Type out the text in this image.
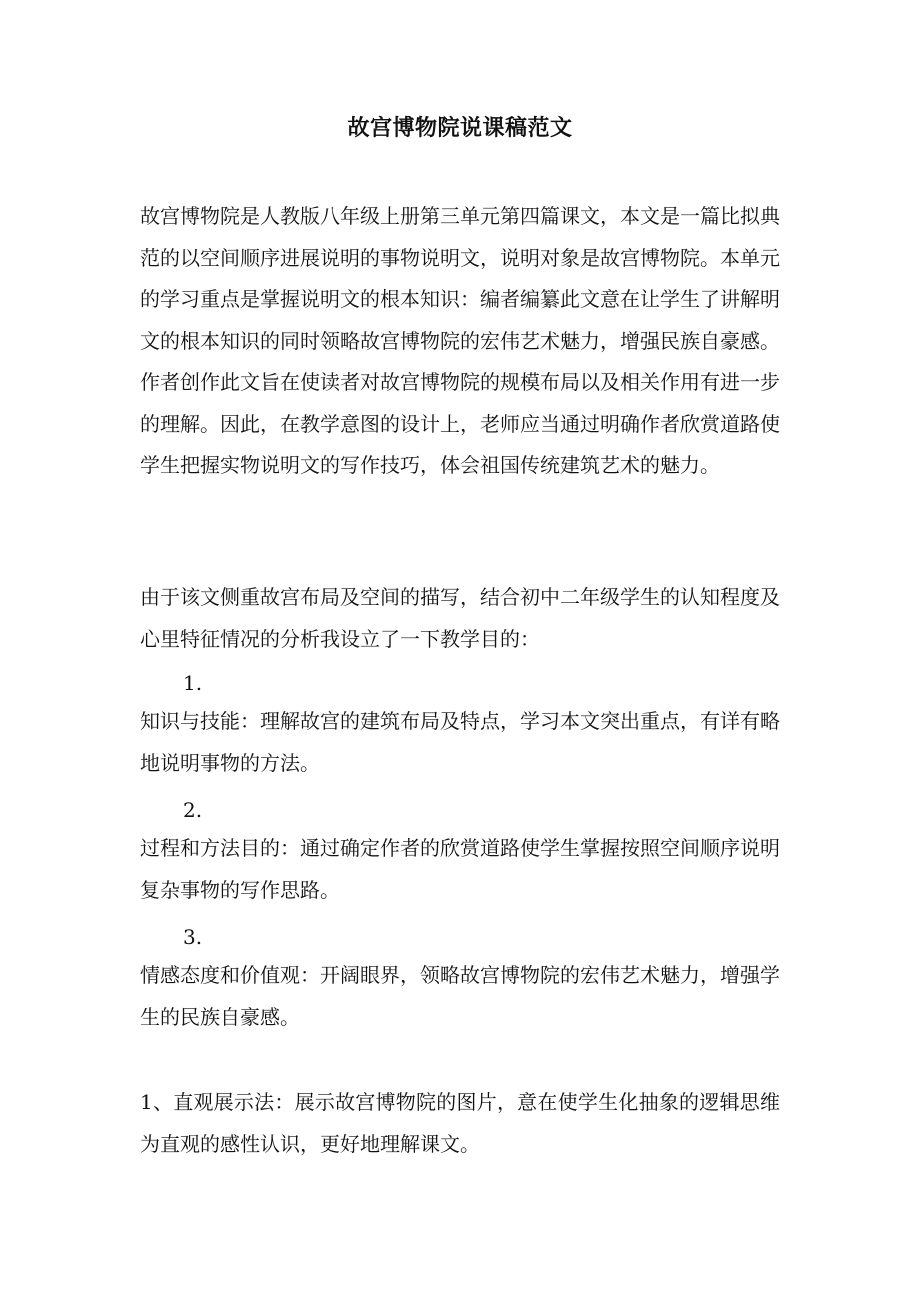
故宫博物院说课稿范文

故宫博物院是人教版八年级上册第三单元第四篇课文，本文是一篇比拟典范的以空间顺序进展说明的事物说明文，说明对象是故宫博物院。本单元的学习重点是掌握说明文的根本知识：编者编纂此文意在让学生了讲解明文的根本知识的同时领略故宫博物院的宏伟艺术魅力，增强民族自豪感。作者创作此文旨在使读者对故宫博物院的规模布局以及相关作用有进一步的理解。因此，在教学意图的设计上，老师应当通过明确作者欣赏道路使学生把握实物说明文的写作技巧，体会祖国传统建筑艺术的魅力。

由于该文侧重故宫布局及空间的描写，结合初中二年级学生的认知程度及心里特征情况的分析我设立了一下教学目的：

1.

知识与技能：理解故宫的建筑布局及特点，学习本文突出重点，有详有略地说明事物的方法。

2.

过程和方法目的：通过确定作者的欣赏道路使学生掌握按照空间顺序说明复杂事物的写作思路。

3.

情感态度和价值观：开阔眼界，领略故宫博物院的宏伟艺术魅力，增强学生的民族自豪感。

1、直观展示法：展示故宫博物院的图片，意在使学生化抽象的逻辑思维为直观的感性认识，更好地理解课文。
